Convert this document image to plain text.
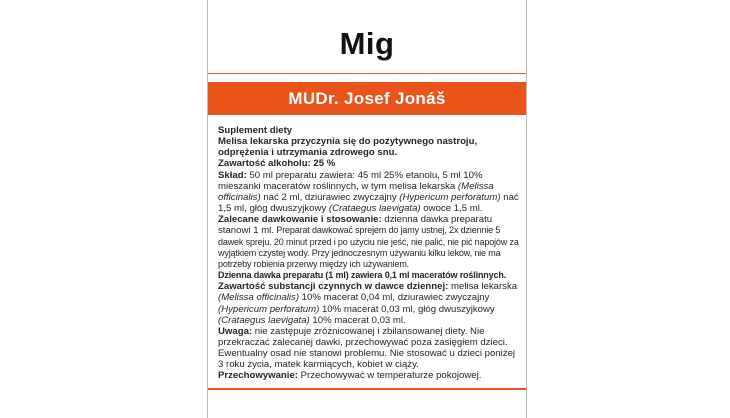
Mig
MUDr. Josef Jonáš

Suplement diety

Melisa lekarska przyczynia się do pozytywnego nastroju, odprężenia i utrzymania zdrowego snu.

Zawartość alkoholu: 25 %

Skład: 50 ml preparatu zawiera: 45 ml 25% etanolu, 5 ml 10% mieszanki maceratów roślinnych, w tym melisa lekarska (Melissa officinalis) nać 2 ml, dziurawiec zwyczajny (Hypericum perforatum) nać 1,5 ml, głóg dwuszyjkowy (Crataegus laevigata) owoce 1,5 ml.

Zalecane dawkowanie i stosowanie: dzienna dawka preparatu stanowi 1 ml. Preparat dawkować sprejem do jamy ustnej, 2x dziennie 5 dawek spreju. 20 minut przed i po użyciu nie jeść, nie palić, nie pić napojów za wyjątkiem czystej wody. Przy jednoczesnym używaniu kilku leków, nie ma potrzeby robienia przerwy między ich używaniem.

Dzienna dawka preparatu (1 ml) zawiera 0,1 ml maceratów roślinnych.

Zawartość substancji czynnych w dawce dziennej: melisa lekarska (Melissa officinalis) 10% macerat 0,04 ml, dziurawiec zwyczajny (Hypericum perforatum) 10% macerat 0,03 ml, głóg dwuszyjkowy (Crataegus laevigata) 10% macerat 0,03 ml.

Uwaga: nie zastępuje zróżnicowanej i zbilansowanej diety. Nie przekraczać zalecanej dawki, przechowywać poza zasięgiem dzieci. Ewentualny osad nie stanowi problemu. Nie stosować u dzieci poniżej 3 roku życia, matek karmiących, kobiet w ciąży.

Przechowywanie: Przechowywać w temperaturze pokojowej.
